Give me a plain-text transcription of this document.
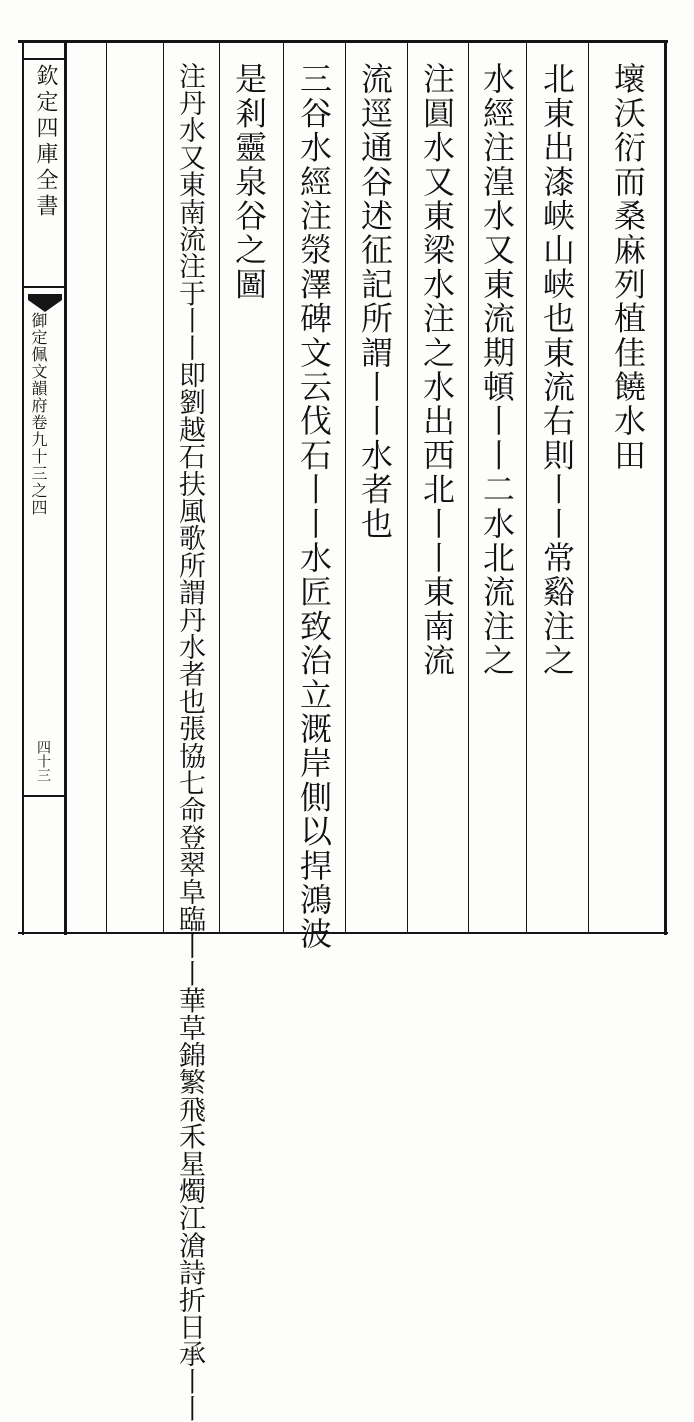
欽定四庫全書
御定佩文韻府卷九十三之四
四十三
壞沃衍而桑麻列植佳饒水田
北東出漆峡山峡也東流右則丨丨常谿注之
水經注湟水又東流期頓丨丨二水北流注之
注圓水又東梁水注之水出西北丨丨東南流
流逕通谷述征記所謂丨丨水者也
三谷水經注滎澤碑文云伐石丨丨水匠致治立溉岸側以捍鴻波
是剎靈泉谷之圖
注丹水又東南流注于丨丨即劉越石扶風歌所謂丹水者也張協七命登翠阜臨丨丨華草錦繁飛禾星燭江滄詩折日承丨丨
